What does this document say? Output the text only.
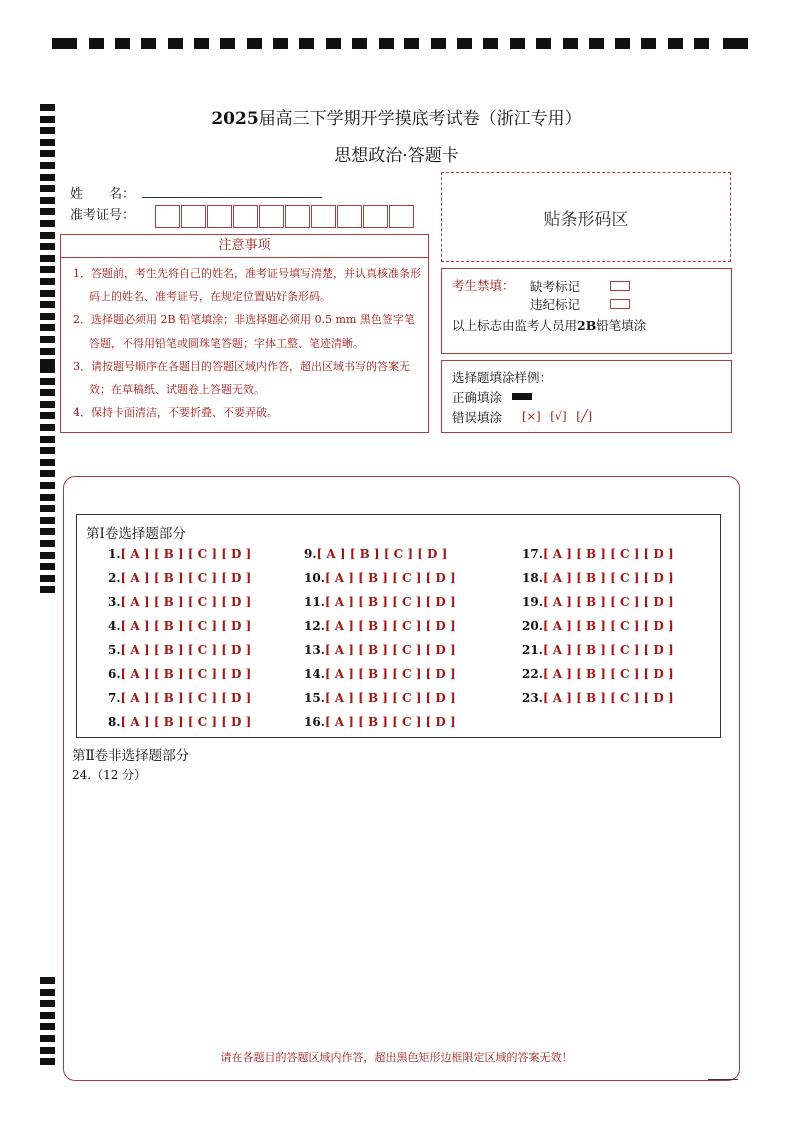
2025届高三下学期开学摸底考试卷（浙江专用）
思想政治·答题卡
姓　　名：
准考证号：	贴条形码区
注意事项

1．答题前，考生先将自己的姓名，准考证号填写清楚，并认真核准条形码上的姓名、准考证号，在规定位置贴好条形码。

2．选择题必须用 2B 铅笔填涂；非选择题必须用 0.5 mm 黑色签字笔答题，不得用铅笔或圆珠笔答题；字体工整、笔迹清晰。

3．请按题号顺序在各题目的答题区域内作答，超出区域书写的答案无效；在草稿纸、试题卷上答题无效。

4．保持卡面清洁，不要折叠、不要弄破。

考生禁填： 缺考标记
违纪标记
以上标志由监考人员用2B铅笔填涂
选择题填涂样例：
正确填涂
错误填涂 [×] [√] [╱]
第Ⅰ卷选择题部分
1.[ A ] [ B ] [ C ] [ D ]
2.[ A ] [ B ] [ C ] [ D ]
3.[ A ] [ B ] [ C ] [ D ]
4.[ A ] [ B ] [ C ] [ D ]
5.[ A ] [ B ] [ C ] [ D ]
6.[ A ] [ B ] [ C ] [ D ]
7.[ A ] [ B ] [ C ] [ D ]
8.[ A ] [ B ] [ C ] [ D ]
9.[ A ] [ B ] [ C ] [ D ]
10.[ A ] [ B ] [ C ] [ D ]
11.[ A ] [ B ] [ C ] [ D ]
12.[ A ] [ B ] [ C ] [ D ]
13.[ A ] [ B ] [ C ] [ D ]
14.[ A ] [ B ] [ C ] [ D ]
15.[ A ] [ B ] [ C ] [ D ]
16.[ A ] [ B ] [ C ] [ D ]
17.[ A ] [ B ] [ C ] [ D ]
18.[ A ] [ B ] [ C ] [ D ]
19.[ A ] [ B ] [ C ] [ D ]
20.[ A ] [ B ] [ C ] [ D ]
21.[ A ] [ B ] [ C ] [ D ]
22.[ A ] [ B ] [ C ] [ D ]
23.[ A ] [ B ] [ C ] [ D ]
第Ⅱ卷非选择题部分
24.（12 分）
请在各题目的答题区域内作答，超出黑色矩形边框限定区域的答案无效！
